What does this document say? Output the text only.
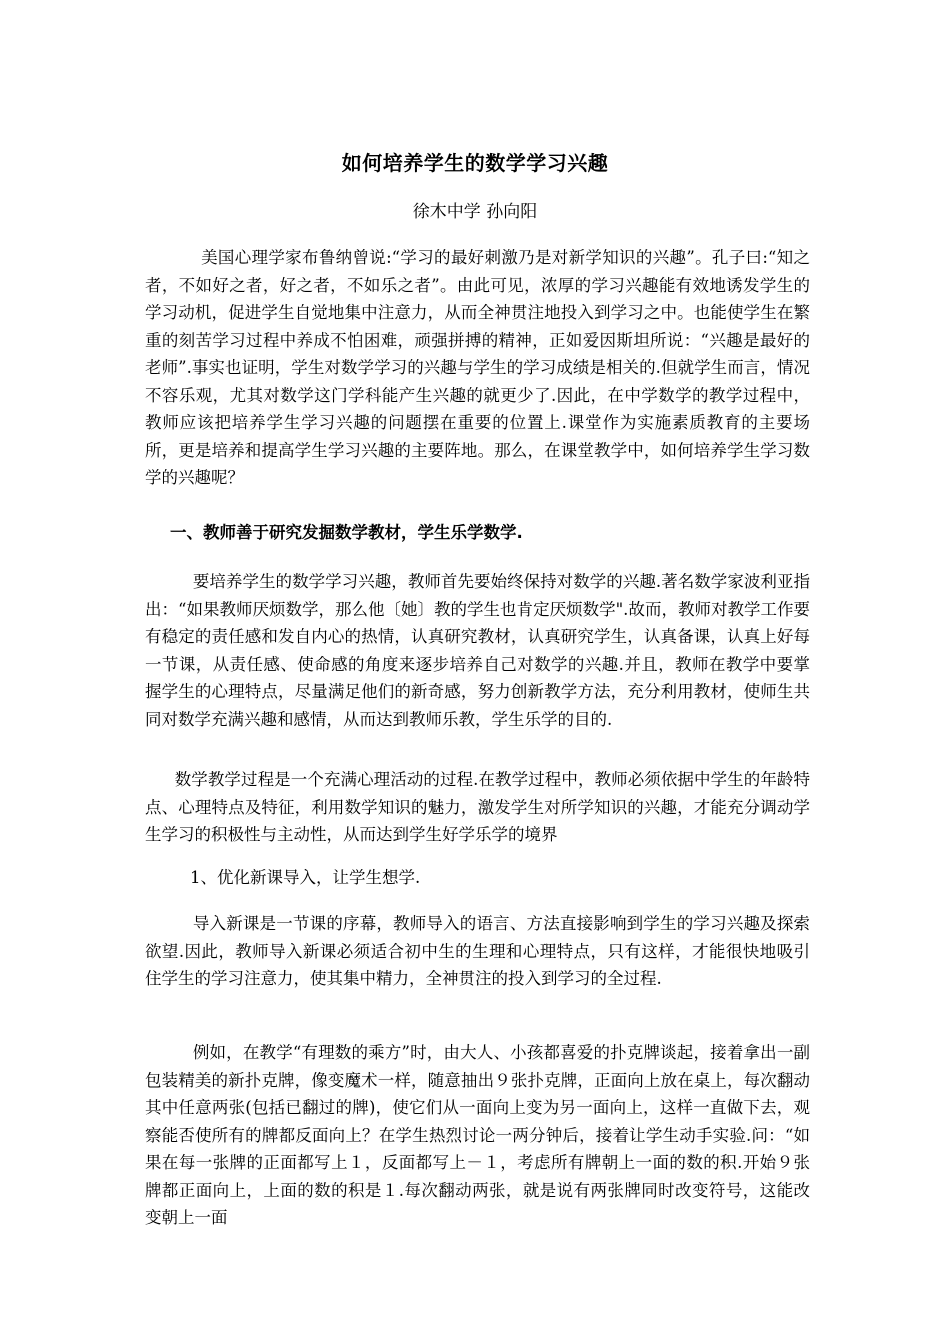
如何培养学生的数学学习兴趣
徐木中学 孙向阳

美国心理学家布鲁纳曾说:“学习的最好刺激乃是对新学知识的兴趣”。孔子曰:“知之者，不如好之者，好之者，不如乐之者”。由此可见，浓厚的学习兴趣能有效地诱发学生的学习动机，促进学生自觉地集中注意力，从而全神贯注地投入到学习之中。也能使学生在繁重的刻苦学习过程中养成不怕困难，顽强拼搏的精神，正如爱因斯坦所说：“兴趣是最好的老师”.事实也证明，学生对数学学习的兴趣与学生的学习成绩是相关的.但就学生而言，情况不容乐观，尤其对数学这门学科能产生兴趣的就更少了.因此，在中学数学的教学过程中，教师应该把培养学生学习兴趣的问题摆在重要的位置上.课堂作为实施素质教育的主要场所，更是培养和提高学生学习兴趣的主要阵地。那么，在课堂教学中，如何培养学生学习数学的兴趣呢？

一、教师善于研究发掘数学教材，学生乐学数学.

要培养学生的数学学习兴趣，教师首先要始终保持对数学的兴趣.著名数学家波利亚指出：“如果教师厌烦数学，那么他〔她〕教的学生也肯定厌烦数学".故而，教师对教学工作要有稳定的责任感和发自内心的热情，认真研究教材，认真研究学生，认真备课，认真上好每一节课，从责任感、使命感的角度来逐步培养自己对数学的兴趣.并且，教师在教学中要掌握学生的心理特点，尽量满足他们的新奇感，努力创新教学方法，充分利用教材，使师生共同对数学充满兴趣和感情，从而达到教师乐教，学生乐学的目的.

数学教学过程是一个充满心理活动的过程.在教学过程中，教师必须依据中学生的年龄特点、心理特点及特征，利用数学知识的魅力，激发学生对所学知识的兴趣，才能充分调动学生学习的积极性与主动性，从而达到学生好学乐学的境界

1、优化新课导入，让学生想学.

导入新课是一节课的序幕，教师导入的语言、方法直接影响到学生的学习兴趣及探索欲望.因此，教师导入新课必须适合初中生的生理和心理特点，只有这样，才能很快地吸引住学生的学习注意力，使其集中精力，全神贯注的投入到学习的全过程.

例如，在教学“有理数的乘方”时，由大人、小孩都喜爱的扑克牌谈起，接着拿出一副包装精美的新扑克牌，像变魔术一样，随意抽出９张扑克牌，正面向上放在桌上，每次翻动其中任意两张(包括已翻过的牌)，使它们从一面向上变为另一面向上，这样一直做下去，观察能否使所有的牌都反面向上？在学生热烈讨论一两分钟后，接着让学生动手实验.问：“如果在每一张牌的正面都写上１，反面都写上－１，考虑所有牌朝上一面的数的积.开始９张牌都正面向上，上面的数的积是１.每次翻动两张，就是说有两张牌同时改变符号，这能改变朝上一面
